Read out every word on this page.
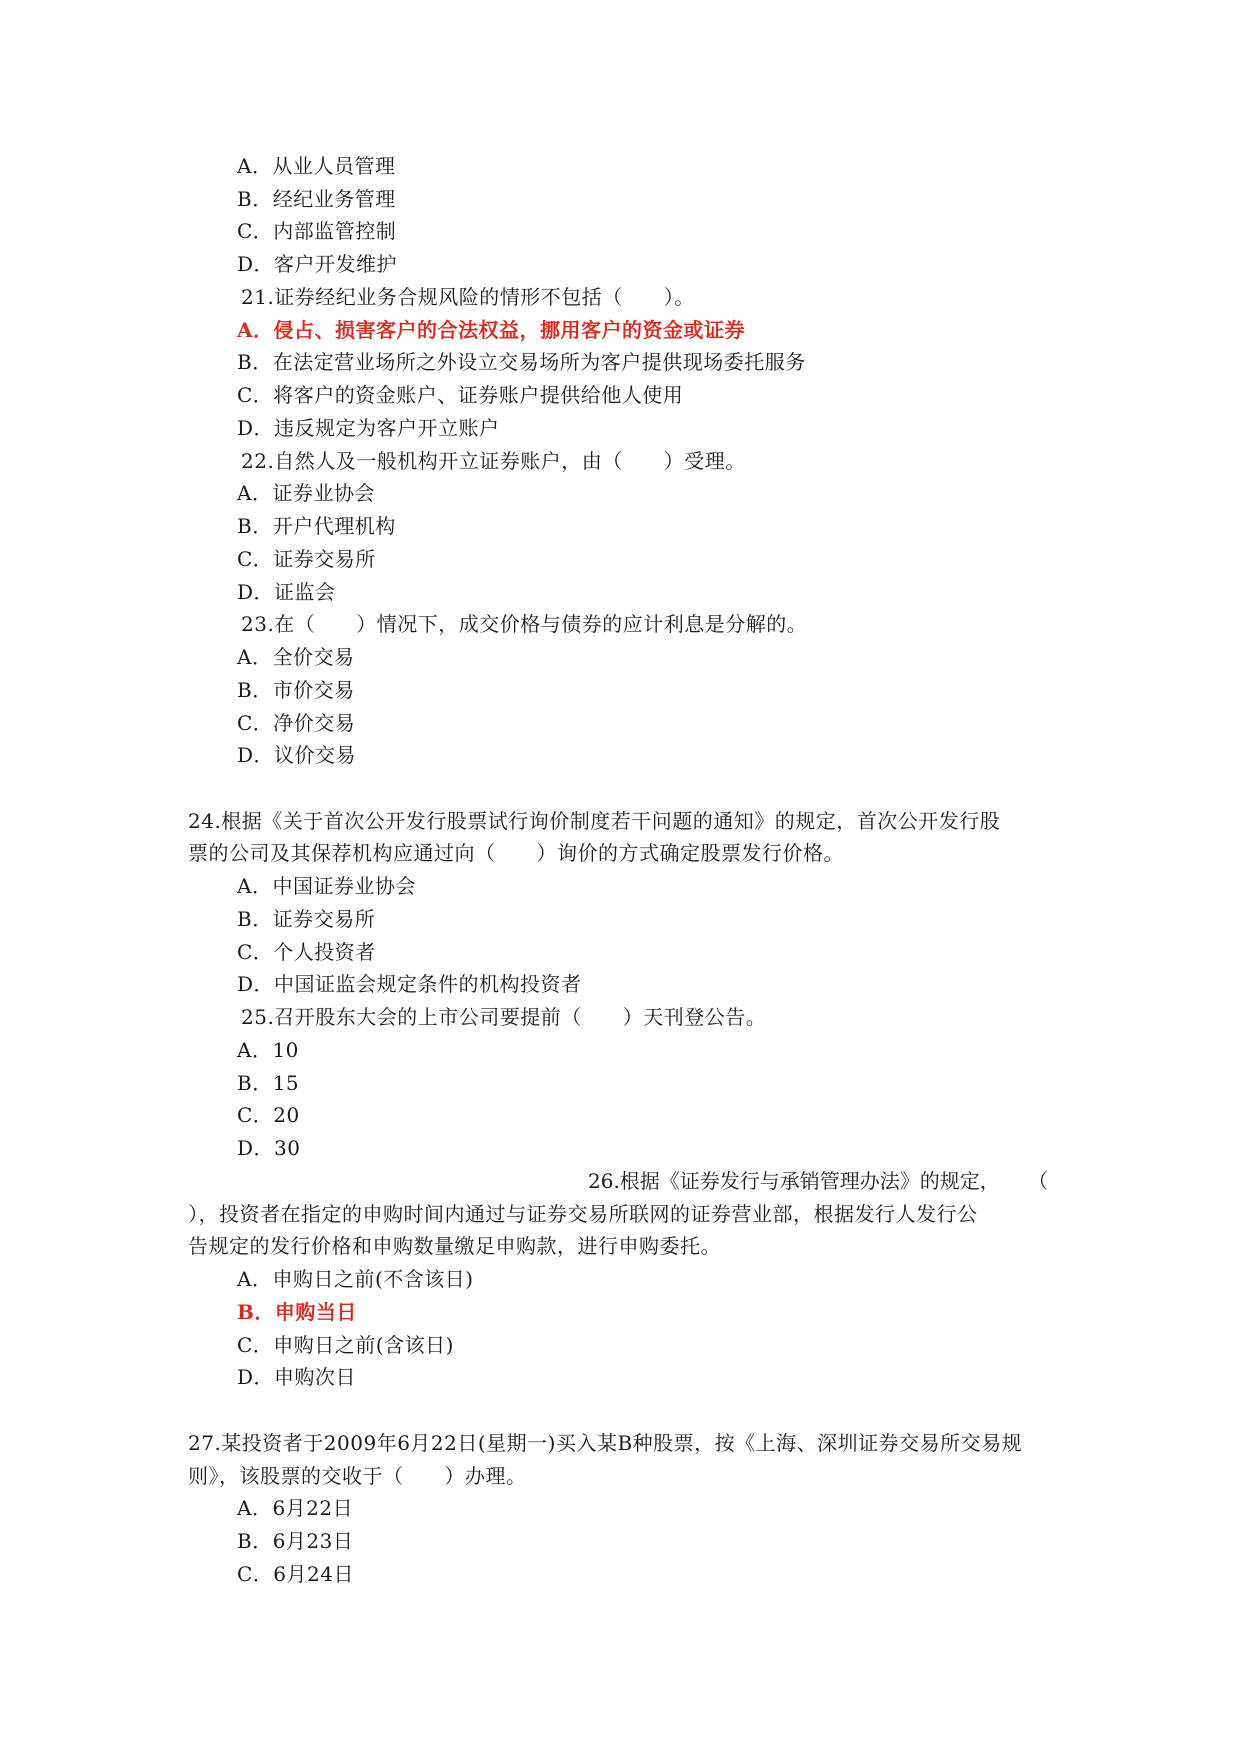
A．从业人员管理
B．经纪业务管理
C．内部监管控制
D．客户开发维护
21.证券经纪业务合规风险的情形不包括（　　）。
A．侵占、损害客户的合法权益，挪用客户的资金或证券
B．在法定营业场所之外设立交易场所为客户提供现场委托服务
C．将客户的资金账户、证券账户提供给他人使用
D．违反规定为客户开立账户
22.自然人及一般机构开立证券账户，由（　　）受理。
A．证券业协会
B．开户代理机构
C．证券交易所
D．证监会
23.在（　　）情况下，成交价格与债券的应计利息是分解的。
A．全价交易
B．市价交易
C．净价交易
D．议价交易
24.根据《关于首次公开发行股票试行询价制度若干问题的通知》的规定，首次公开发行股
票的公司及其保荐机构应通过向（　　）询价的方式确定股票发行价格。
A．中国证券业协会
B．证券交易所
C．个人投资者
D．中国证监会规定条件的机构投资者
25.召开股东大会的上市公司要提前（　　）天刊登公告。
A．10
B．15
C．20
D．30
26.根据《证券发行与承销管理办法》的规定， （
），投资者在指定的申购时间内通过与证券交易所联网的证券营业部，根据发行人发行公
告规定的发行价格和申购数量缴足申购款，进行申购委托。
A．申购日之前(不含该日)
B．申购当日
C．申购日之前(含该日)
D．申购次日
27.某投资者于2009年6月22日(星期一)买入某B种股票，按《上海、深圳证券交易所交易规
则》，该股票的交收于（　　）办理。
A．6月22日
B．6月23日
C．6月24日
